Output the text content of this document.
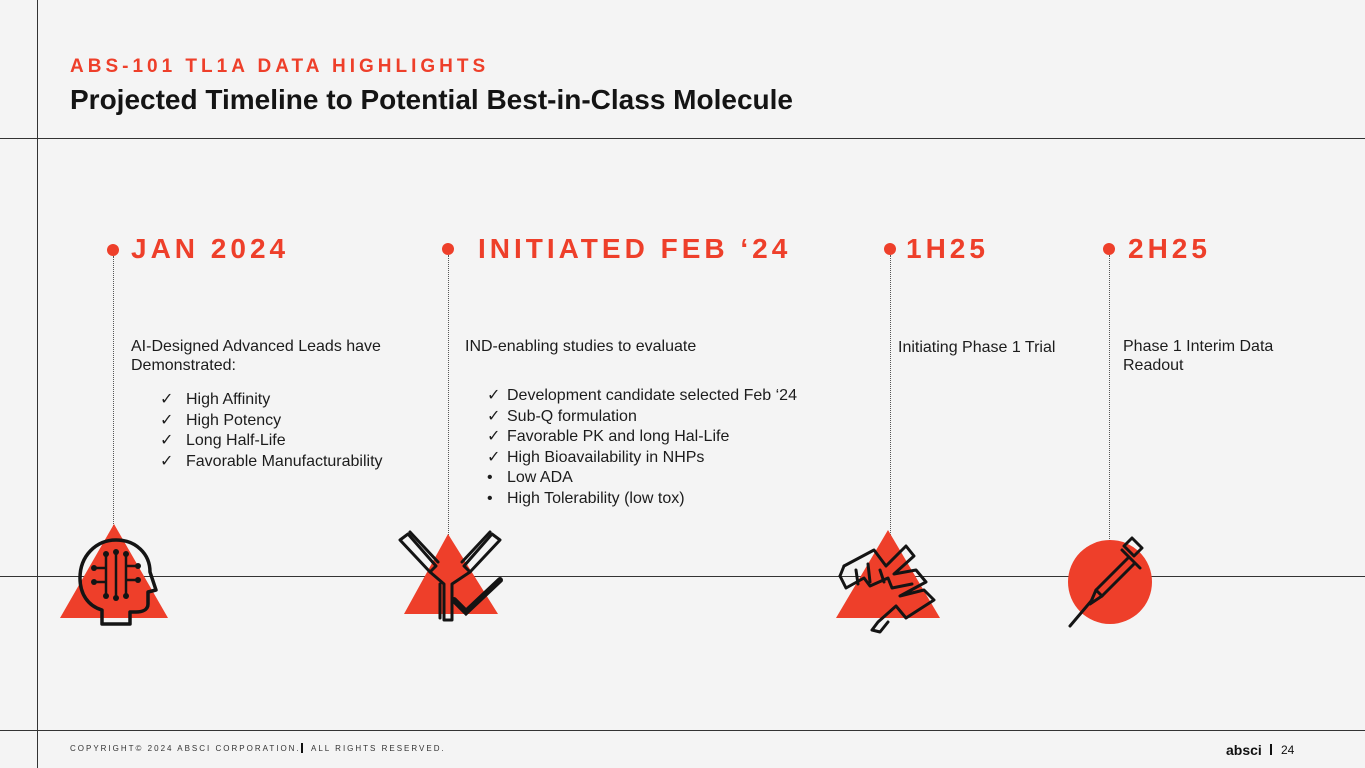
ABS-101 TL1A DATA HIGHLIGHTS
Projected Timeline to Potential Best-in-Class Molecule
JAN 2024
AI-Designed Advanced Leads have Demonstrated:
✓ High Affinity
✓ High Potency
✓ Long Half-Life
✓ Favorable Manufacturability
INITIATED FEB ‘24
IND-enabling studies to evaluate
✓ Development candidate selected Feb ‘24
✓ Sub-Q formulation
✓ Favorable PK and long Hal-Life
✓ High Bioavailability in NHPs
• Low ADA
• High Tolerability (low tox)
1H25
Initiating Phase 1 Trial
2H25
Phase 1 Interim Data Readout
COPYRIGHT© 2024 ABSCI CORPORATION. ALL RIGHTS RESERVED.	absci 24
